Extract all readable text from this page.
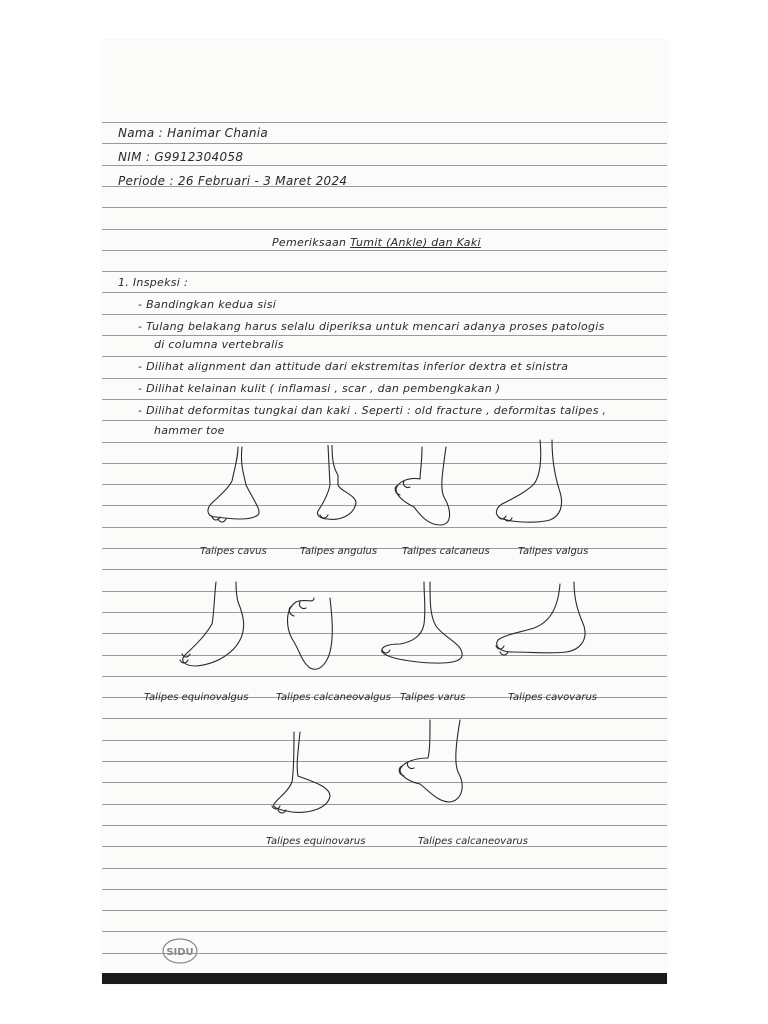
Nama : Hanimar Chania
NIM : G9912304058
Periode : 26 Februari - 3 Maret 2024
Pemeriksaan Tumit (Ankle) dan Kaki
1. Inspeksi :
- Bandingkan kedua sisi
- Tulang belakang harus selalu diperiksa untuk mencari adanya proses patologis
di columna vertebralis
- Dilihat alignment dan attitude dari ekstremitas inferior dextra et sinistra
- Dilihat kelainan kulit ( inflamasi , scar , dan pembengkakan )
- Dilihat deformitas tungkai dan kaki . Seperti : old fracture , deformitas talipes ,
hammer toe
Talipes cavus	Talipes angulus Talipes calcaneus	Talipes valgus
Talipes equinovalgus	Talipes calcaneovalgus Talipes varus	Talipes cavovarus
Talipes equinovarus	Talipes calcaneovarus
SIDU
